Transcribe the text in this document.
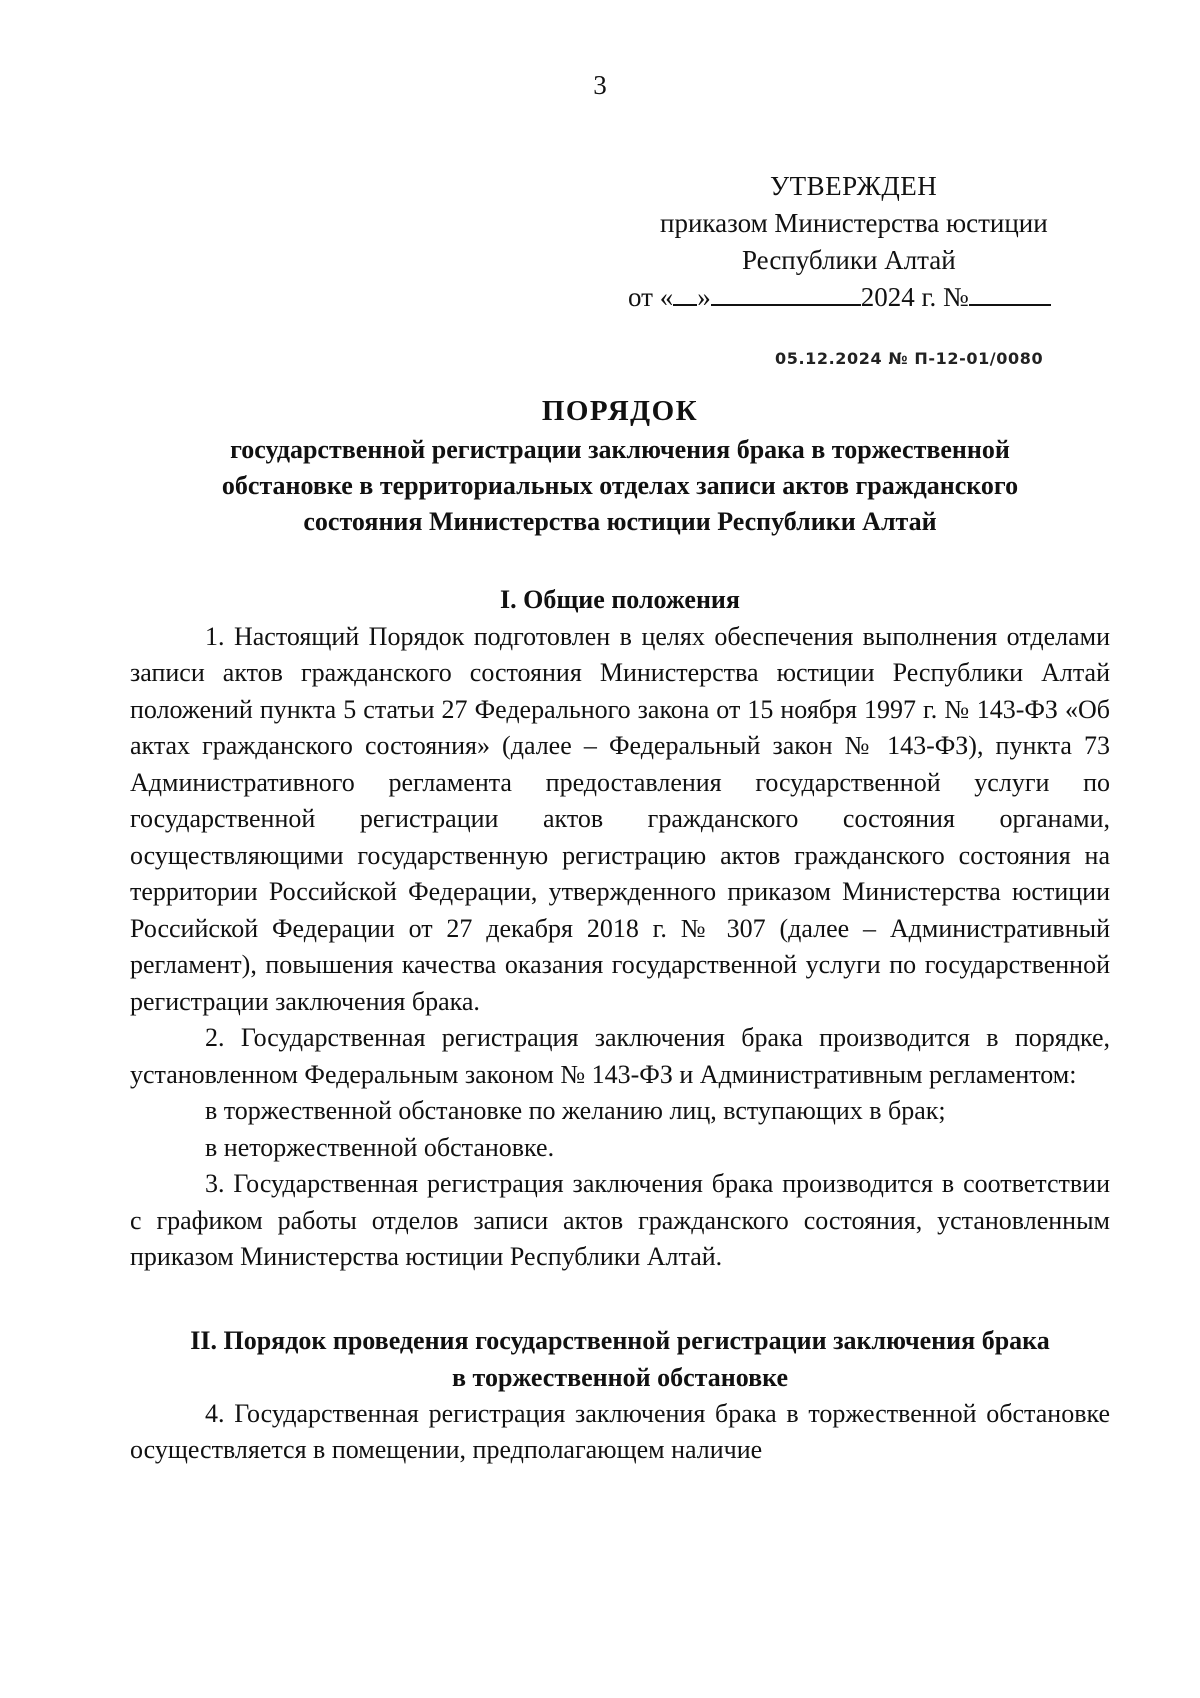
3
УТВЕРЖДЕН
приказом Министерства юстиции
Республики Алтай
от « »	2024 г. №
05.12.2024 № П-12-01/0080
ПОРЯДОК
государственной регистрации заключения брака в торжественной
обстановке в территориальных отделах записи актов гражданского
состояния Министерства юстиции Республики Алтай
I. Общие положения

1. Настоящий Порядок подготовлен в целях обеспечения выполнения отделами записи актов гражданского состояния Министерства юстиции Республики Алтай положений пункта 5 статьи 27 Федерального закона от 15 ноября 1997 г. № 143-ФЗ «Об актах гражданского состояния» (далее – Федеральный закон № 143-ФЗ), пункта 73 Административного регламента предоставления государственной услуги по государственной регистрации актов гражданского состояния органами, осуществляющими государственную регистрацию актов гражданского состояния на территории Российской Федерации, утвержденного приказом Министерства юстиции Российской Федерации от 27 декабря 2018 г. № 307 (далее – Административный регламент), повышения качества оказания государственной услуги по государственной регистрации заключения брака.

2. Государственная регистрация заключения брака производится в порядке, установленном Федеральным законом № 143-ФЗ и Административным регламентом:

в торжественной обстановке по желанию лиц, вступающих в брак;

в неторжественной обстановке.

3. Государственная регистрация заключения брака производится в соответствии с графиком работы отделов записи актов гражданского состояния, установленным приказом Министерства юстиции Республики Алтай.

II. Порядок проведения государственной регистрации заключения брака
в торжественной обстановке

4. Государственная регистрация заключения брака в торжественной обстановке осуществляется в помещении, предполагающем наличие
